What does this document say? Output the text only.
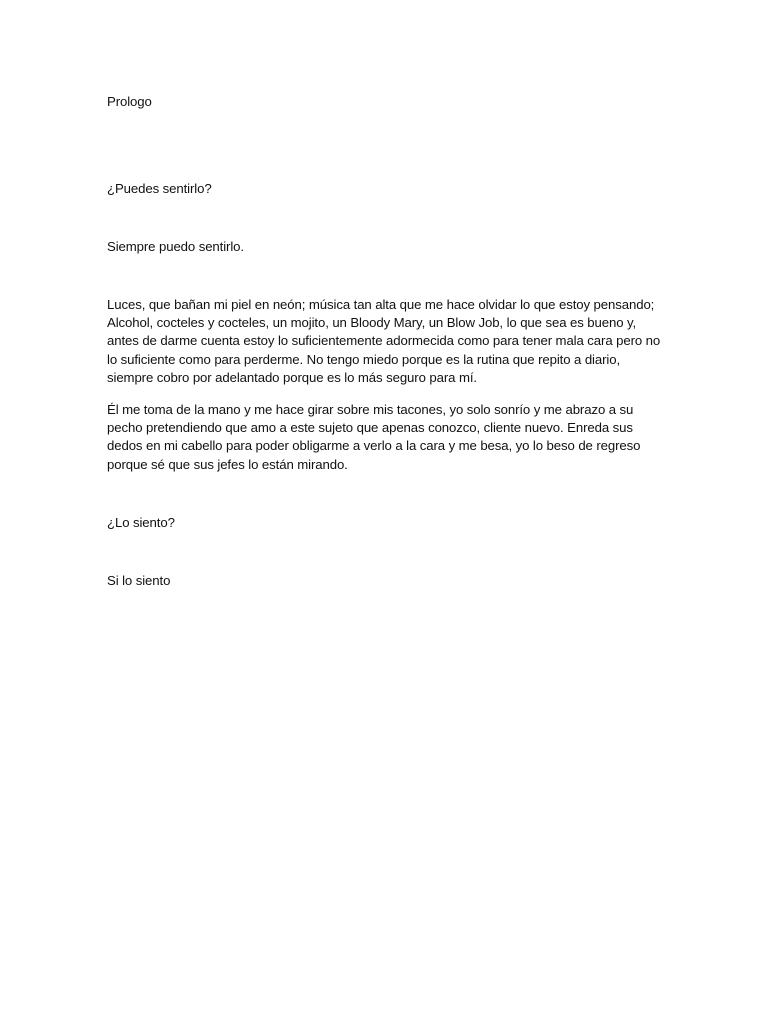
Prologo

¿Puedes sentirlo?

Siempre puedo sentirlo.

Luces, que bañan mi piel en neón; música tan alta que me hace olvidar lo que estoy pensando; Alcohol, cocteles y cocteles, un mojito, un Bloody Mary, un Blow Job, lo que sea es bueno y, antes de darme cuenta estoy lo suficientemente adormecida como para tener mala cara pero no lo suficiente como para perderme. No tengo miedo porque es la rutina que repito a diario, siempre cobro por adelantado porque es lo más seguro para mí.

Él me toma de la mano y me hace girar sobre mis tacones, yo solo sonrío y me abrazo a su pecho pretendiendo que amo a este sujeto que apenas conozco, cliente nuevo. Enreda sus dedos en mi cabello para poder obligarme a verlo a la cara y me besa, yo lo beso de regreso porque sé que sus jefes lo están mirando.

¿Lo siento?

Si lo siento
